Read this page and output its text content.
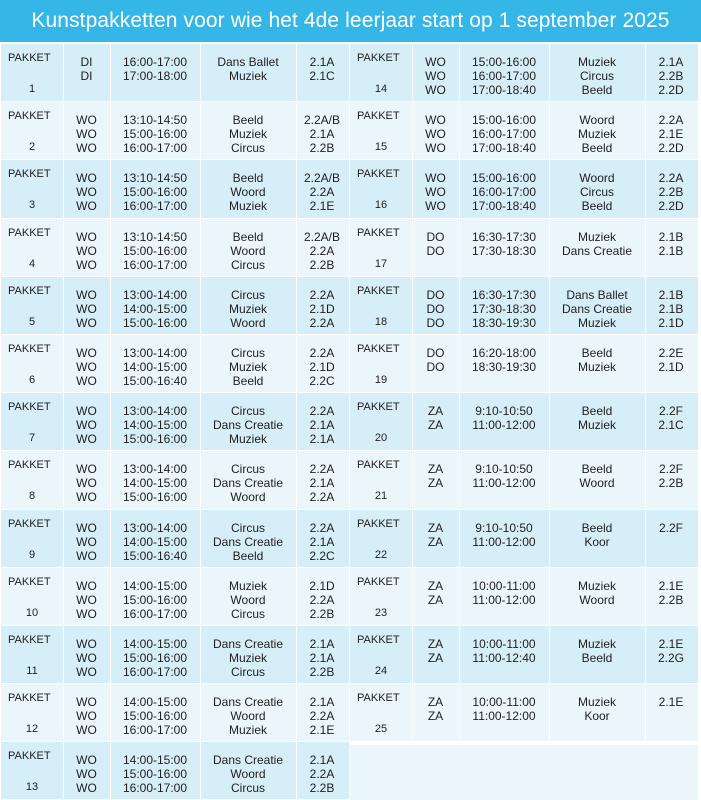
Kunstpakketten voor wie het 4de leerjaar start op 1 september 2025
PAKKET
1
DI
DI
16:00-17:00
17:00-18:00
Dans Ballet
Muziek
2.1A
2.1C
PAKKET
2
WO
WO
WO
13:10-14:50
15:00-16:00
16:00-17:00
Beeld
Muziek
Circus
2.2A/B
2.1A
2.2B
PAKKET
3
WO
WO
WO
13:10-14:50
15:00-16:00
16:00-17:00
Beeld
Woord
Muziek
2.2A/B
2.2A
2.1E
PAKKET
4
WO
WO
WO
13:10-14:50
15:00-16:00
16:00-17:00
Beeld
Woord
Circus
2.2A/B
2.2A
2.2B
PAKKET
5
WO
WO
WO
13:00-14:00
14:00-15:00
15:00-16:00
Circus
Muziek
Woord
2.2A
2.1D
2.2A
PAKKET
6
WO
WO
WO
13:00-14:00
14:00-15:00
15:00-16:40
Circus
Muziek
Beeld
2.2A
2.1D
2.2C
PAKKET
7
WO
WO
WO
13:00-14:00
14:00-15:00
15:00-16:00
Circus
Dans Creatie
Muziek
2.2A
2.1A
2.1A
PAKKET
8
WO
WO
WO
13:00-14:00
14:00-15:00
15:00-16:00
Circus
Dans Creatie
Woord
2.2A
2.1A
2.2A
PAKKET
9
WO
WO
WO
13:00-14:00
14:00-15:00
15:00-16:40
Circus
Dans Creatie
Beeld
2.2A
2.1A
2.2C
PAKKET
10
WO
WO
WO
14:00-15:00
15:00-16:00
16:00-17:00
Muziek
Woord
Circus
2.1D
2.2A
2.2B
PAKKET
11
WO
WO
WO
14:00-15:00
15:00-16:00
16:00-17:00
Dans Creatie
Muziek
Circus
2.1A
2.1A
2.2B
PAKKET
12
WO
WO
WO
14:00-15:00
15:00-16:00
16:00-17:00
Dans Creatie
Woord
Muziek
2.1A
2.2A
2.1E
PAKKET
13
WO
WO
WO
14:00-15:00
15:00-16:00
16:00-17:00
Dans Creatie
Woord
Circus
2.1A
2.2A
2.2B
PAKKET
14
WO
WO
WO
15:00-16:00
16:00-17:00
17:00-18:40
Muziek
Circus
Beeld
2.1A
2.2B
2.2D
PAKKET
15
WO
WO
WO
15:00-16:00
16:00-17:00
17:00-18:40
Woord
Muziek
Beeld
2.2A
2.1E
2.2D
PAKKET
16
WO
WO
WO
15:00-16:00
16:00-17:00
17:00-18:40
Woord
Circus
Beeld
2.2A
2.2B
2.2D
PAKKET
17
DO
DO
16:30-17:30
17:30-18:30
Muziek
Dans Creatie
2.1B
2.1B
PAKKET
18
DO
DO
DO
16:30-17:30
17:30-18:30
18:30-19:30
Dans Ballet
Dans Creatie
Muziek
2.1B
2.1B
2.1D
PAKKET
19
DO
DO
16:20-18:00
18:30-19:30
Beeld
Muziek
2.2E
2.1D
PAKKET
20
ZA
ZA
9:10-10:50
11:00-12:00
Beeld
Muziek
2.2F
2.1C
PAKKET
21
ZA
ZA
9:10-10:50
11:00-12:00
Beeld
Woord
2.2F
2.2B
PAKKET
22
ZA
ZA
9:10-10:50
11:00-12:00
Beeld
Koor
2.2F
PAKKET
23
ZA
ZA
10:00-11:00
11:00-12:00
Muziek
Woord
2.1E
2.2B
PAKKET
24
ZA
ZA
10:00-11:00
11:00-12:40
Muziek
Beeld
2.1E
2.2G
PAKKET
25
ZA
ZA
10:00-11:00
11:00-12:00
Muziek
Koor
2.1E
